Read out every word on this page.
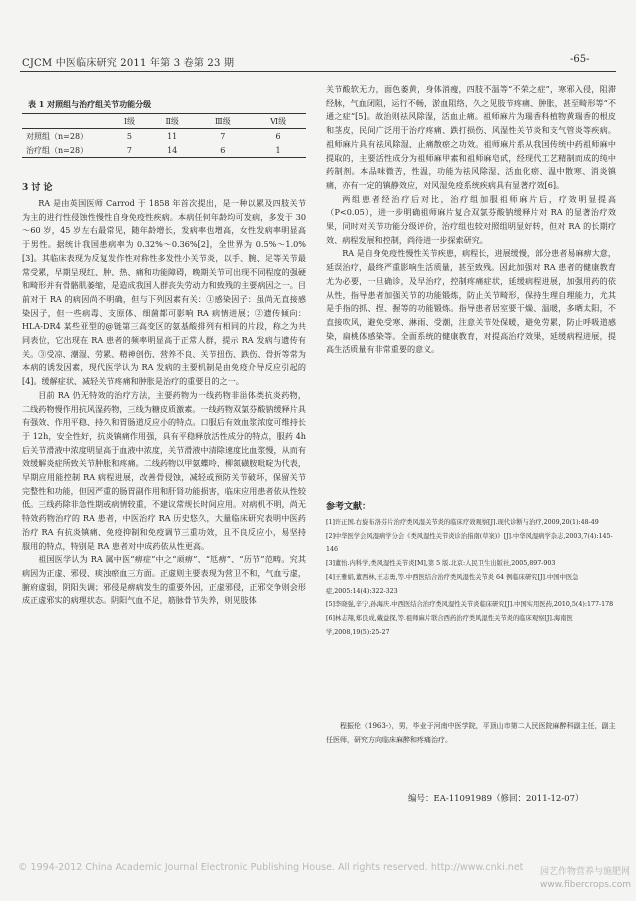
CJCM 中医临床研究 2011 年第 3 卷第 23 期	-65-
表 1 对照组与治疗组关节功能分级
	Ⅰ级	Ⅱ级	Ⅲ级	Ⅵ级
对照组（n=28）	5	11	7	6
治疗组（n=28）	7	14	6	1
3 讨 论

RA 是由英国医师 Carrod 于 1858 年首次提出，是一种以累及四肢关节为主的进行性侵蚀性慢性自身免疫性疾病。本病任何年龄均可发病，多发于 30～60 岁，45 岁左右最常见，随年龄增长，发病率也增高，女性发病率明显高于男性。据统计我国患病率为 0.32%～0.36%[2]，全世界为 0.5%～1.0%[3]。其临床表现为反复发作性对称性多发性小关节炎，以手、腕、足等关节最常受累，早期呈现红、肿、热、痛和功能障碍，晚期关节可出现不同程度的强硬和畸形并有骨骼肌萎缩，是造成我国人群丧失劳动力和致残的主要病因之一。目前对于 RA 的病因尚不明确，但与下列因素有关：①感染因子：虽尚无直接感染因子，但一些病毒、支原体、细菌都可影响 RA 病情进展；②遗传倾向：HLA-DR4 某些亚型的@链第三高变区的氨基酸排列有相同的片段，称之为共同表位，它出现在 RA 患者的频率明显高于正常人群，提示 RA 发病与遗传有关。③受凉、潮湿、劳累、精神创伤、营养不良、关节扭伤、跌伤、骨折等常为本病的诱发因素，现代医学认为 RA 发病的主要机制是由免疫介导反应引起的[4]。缓解症状、减轻关节疼痛和肿胀是治疗的重要目的之一。

目前 RA 仍无特效的治疗方法，主要药物为一线药物非甾体类抗炎药物，二线药物慢作用抗风湿药物，三线为糖皮质激素。一线药物双氯芬酸钠缓释片具有强效、作用平稳、持久和胃肠道反应小的特点。口服后有效血浆浓度可维持长于 12h，安全性好，抗炎镇痛作用强，具有平稳释放活性成分的特点，服药 4h 后关节滑液中浓度明显高于血液中浓度，关节滑液中清除速度比血浆慢，从而有效缓解炎症所致关节肿胀和疼痛。二线药物以甲氨蝶呤、柳氮磺胺吡啶为代表，早期应用能控制 RA 病程进展，改善骨侵蚀，减轻或预防关节破坏，保留关节完整性和功能，但因严重的肠胃副作用和肝肾功能损害，临床应用患者依从性较低。三线药除非急性期或病情较重，不建议常规长时间应用。对病机不明，尚无特效药物治疗的 RA 患者，中医治疗 RA 历史悠久，大量临床研究表明中医药治疗 RA 有抗炎镇痛、免疫抑制和免疫调节三重功效，且不良反应小，易坚持服用的特点，特别是 RA 患者对中成药依从性更高。

祖国医学认为 RA 属中医“痹症”中之“顽痹”、“尪痹”、“历节”范畴。究其病因为正虚、邪侵、痰浊瘀血三方面。正虚则主要表现为营卫不和，气血亏虚，腑府虚弱，阴阳失调；邪侵是痹病发生的重要外因，正虚邪侵，正邪交争则会形成正虚邪实的病理状态。阴阳气血不足，筋脉骨节失养，则见肢体

关节酸软无力，面色萎黄，身体消瘦，四肢不温等“不荣之症”，寒邪入侵，阻滞经脉，气血闭阻，运行不畅，淤血阻络，久之见肢节疼痛、肿胀，甚至畸形等“不通之症”[5]。故治则祛风除湿，活血止痛。祖师麻片为瑞香科植物黄瑞香的根皮和茎皮，民间广泛用于治疗疼痛、跌打损伤、风湿性关节炎和支气管炎等疾病。祖师麻片具有祛风除湿、止痛散瘀之功效。祖师麻片系从我国传统中药祖师麻中提取的，主要活性成分为祖师麻甲素和祖师麻皂甙，经现代工艺精制而成的纯中药制剂。本品味微苦，性温，功能为祛风除湿、活血化瘀、温中散寒、消炎镇痛，亦有一定的镇静效应，对风湿免疫系统疾病具有显著疗效[6]。

两组患者经治疗后对比，治疗组加服祖师麻片后，疗效明显提高（P<0.05），进一步明确祖师麻片复合双氯芬酸钠缓释片对 RA 的显著治疗效果，同时对关节功能分级评价，治疗组也较对照组明显好转，但对 RA 的长期疗效、病程发展和控制，尚待进一步探索研究。

RA 是自身免疫性慢性关节疾患，病程长，进展缓慢，部分患者易麻痹大意，延误治疗，最终严重影响生活质量，甚至致残。因此加强对 RA 患者的健康教育尤为必要，一旦确诊，及早治疗，控制疼痛症状，延缓病程进展，加强用药的依从性，指导患者加强关节的功能锻炼，防止关节畸形，保持生理自理能力，尤其是手指的抓、捏、握等的功能锻炼。指导患者居室要干燥、温暖，多晒太阳，不直接吹风，避免受寒、淋雨、受潮，注意关节处保暖，避免劳累，防止呼吸道感染，扁桃体感染等。全面系统的健康教育，对提高治疗效果，延缓病程进展，提高生活质量有非常重要的意义。

参考文献：

[1]许正国.右旋布洛芬片治疗类风湿关节炎的临床疗效观察[J].现代诊断与治疗,2009,20(1):48-49

[2]中华医学会风湿病学分会《类风湿性关节炎诊治指南(草案)》[J].中华风湿病学杂志,2003,7(4):145-146

[3]董怡.内科学,类风湿性关节炎[M],第 5 版.北京:人民卫生出版社,2005,897-903

[4]王雅娟,董西林,王志勇,等.中西医结合治疗类风湿性关节炎 64 例临床研究[J].中国中医急症,2005:14(4):322-323

[5]李晓强,辛宁,孙海庆.中西医结合治疗类风湿性关节炎临床研究[J].中国实用医药,2010,5(4):177-178

[6]林志翔,郑良成,戴益探,等.祖师麻片联合西药治疗类风湿性关节炎的临床观察[J].海南医学,2008,19(5):25-27

程振伦（1963-），男，毕业于河南中医学院，平顶山市第二人民医院麻醉科副主任，副主任医师，研究方向临床麻醉和疼痛治疗。

编号：EA-11091989（修回：2011-12-07）
© 1994-2012 China Academic Journal Electronic Publishing House. All rights reserved. http://www.cnki.net 园艺作物营养与施肥网 www.fibercrops.com
